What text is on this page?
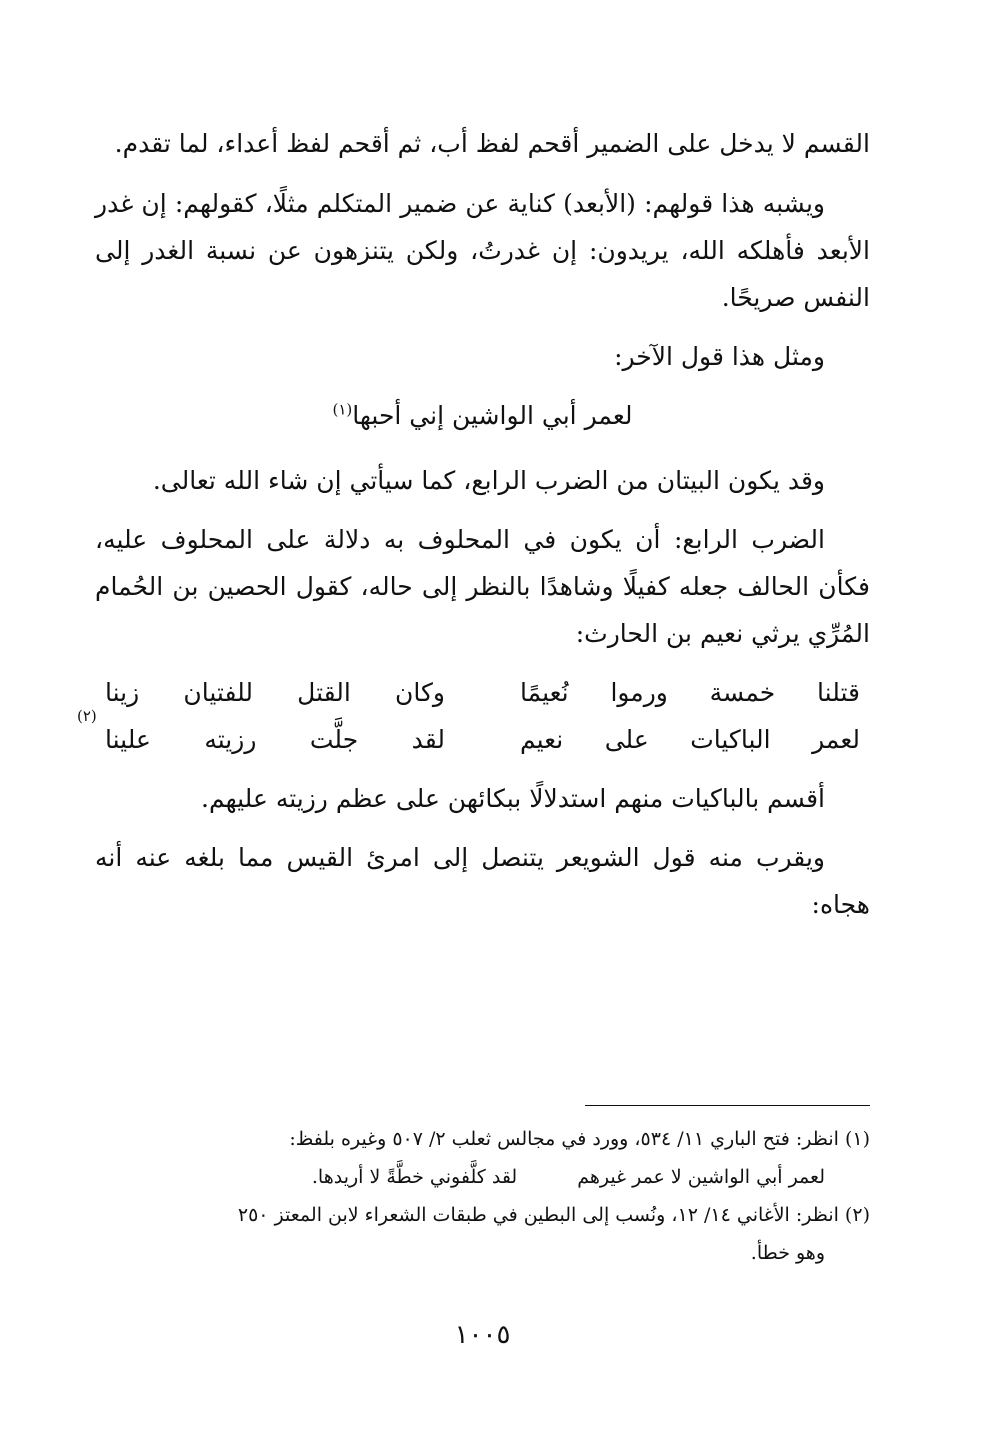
القسم لا يدخل على الضمير أقحم لفظ أب، ثم أقحم لفظ أعداء، لما تقدم.

ويشبه هذا قولهم: (الأبعد) كناية عن ضمير المتكلم مثلًا، كقولهم: إن غدر الأبعد فأهلكه الله، يريدون: إن غدرتُ، ولكن يتنزهون عن نسبة الغدر إلى النفس صريحًا.

ومثل هذا قول الآخر:

لعمر أبي الواشين إني أحبها$^{(١)}$

وقد يكون البيتان من الضرب الرابع، كما سيأتي إن شاء الله تعالى.

الضرب الرابع: أن يكون في المحلوف به دلالة على المحلوف عليه، فكأن الحالف جعله كفيلًا وشاهدًا بالنظر إلى حاله، كقول الحصين بن الحُمام المُرِّي يرثي نعيم بن الحارث:

قتلنا خمسة ورموا نُعيمًا
وكان القتل للفتيان زينا
لعمر الباكيات على نعيم
لقد جلَّت رزيته علينا
(٢)

أقسم بالباكيات منهم استدلالًا ببكائهن على عظم رزيته عليهم.

ويقرب منه قول الشويعر يتنصل إلى امرئ القيس مما بلغه عنه أنه هجاه:

(١) انظر: فتح الباري ١١/ ٥٣٤، وورد في مجالس ثعلب ٢/ ٥٠٧ وغيره بلفظ:

لعمر أبي الواشين لا عمر غيرهم
لقد كلَّفوني خطَّةً لا أريدها.

(٢) انظر: الأغاني ١٤/ ١٢، ونُسب إلى البطين في طبقات الشعراء لابن المعتز ٢٥٠

وهو خطأ.

١٠٠٥
